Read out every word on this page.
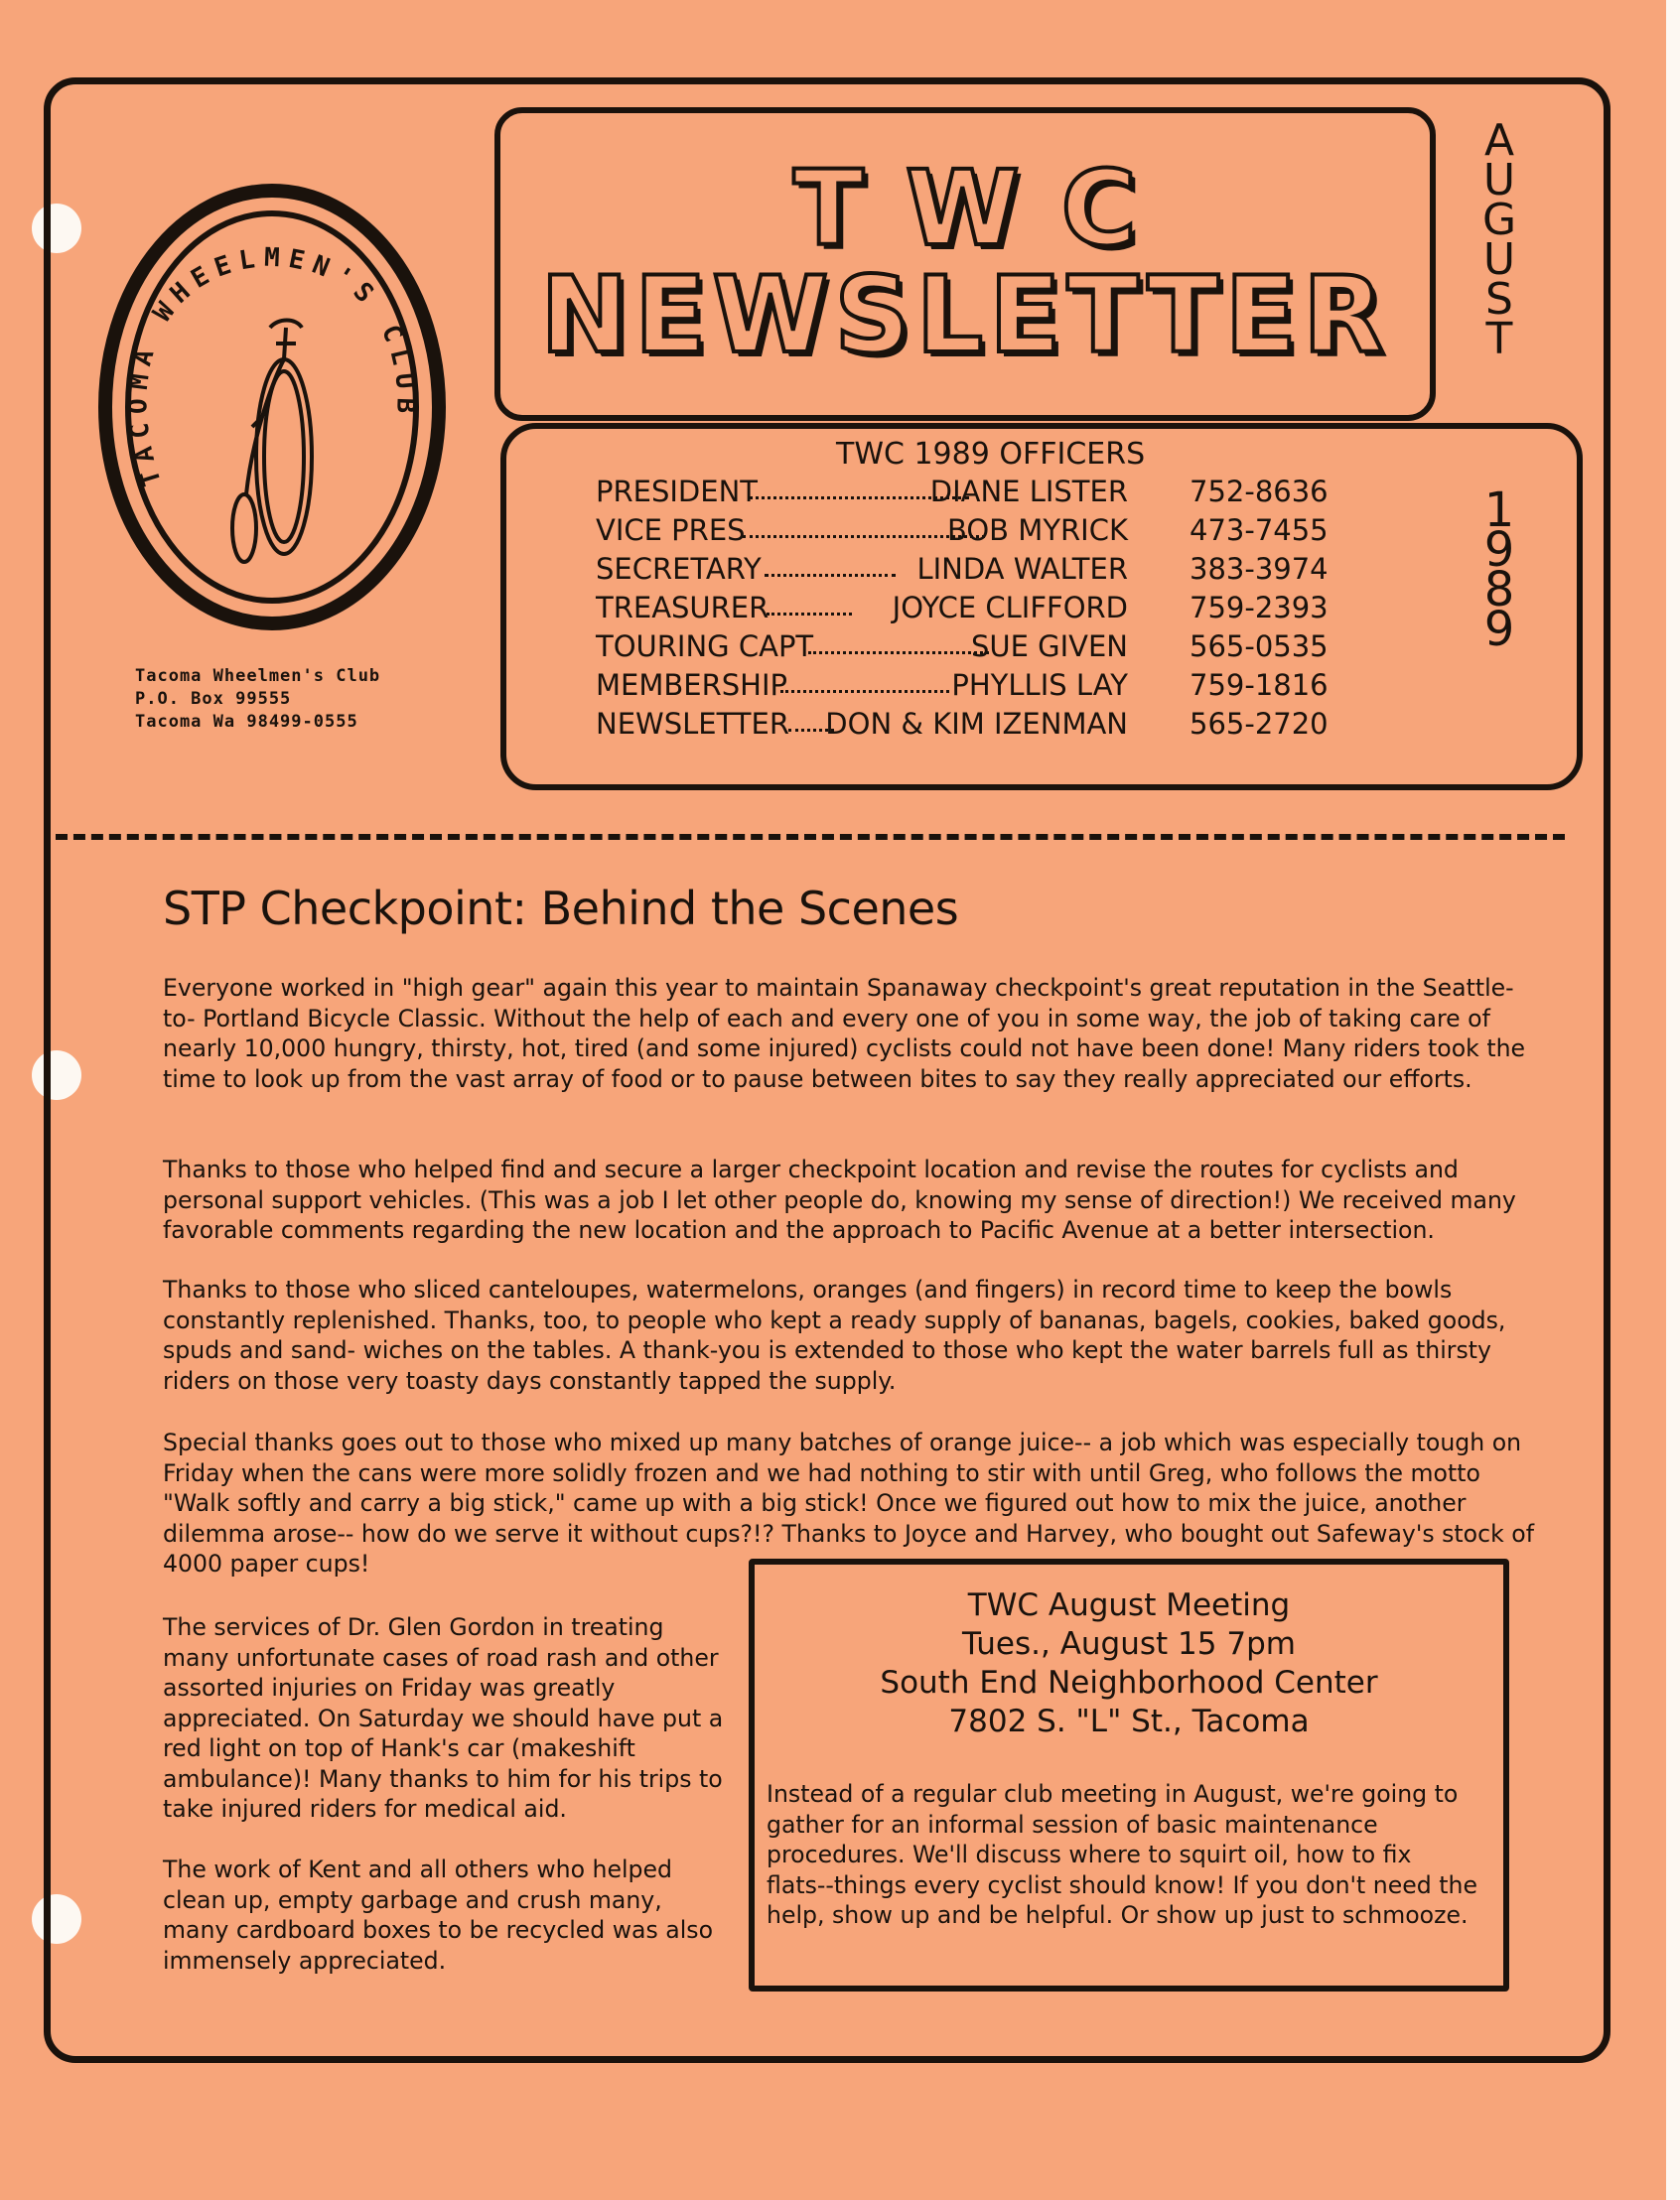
TWC
NEWSLETTER
A
U
G
U
S
T
1
9
8
9
TACOMA WHEELMEN'S CLUB
Tacoma Wheelmen's Club
P.O. Box 99555
Tacoma Wa 98499-0555
TWC 1989 OFFICERS
PRESIDENT	DIANE LISTER 752-8636
VICE PRES	BOB MYRICK 473-7455
SECRETARY	LINDA WALTER 383-3974
TREASURER	JOYCE CLIFFORD 759-2393
TOURING CAPT	SUE GIVEN 565-0535
MEMBERSHIP	PHYLLIS LAY 759-1816
NEWSLETTER DON & KIM IZENMAN 565-2720
STP Checkpoint: Behind the Scenes

Everyone worked in "high gear" again this year to maintain Spanaway checkpoint's great reputation in the Seattle-to- Portland Bicycle Classic. Without the help of each and every one of you in some way, the job of taking care of nearly 10,000 hungry, thirsty, hot, tired (and some injured) cyclists could not have been done! Many riders took the time to look up from the vast array of food or to pause between bites to say they really appreciated our efforts.

Thanks to those who helped find and secure a larger checkpoint location and revise the routes for cyclists and personal support vehicles. (This was a job I let other people do, knowing my sense of direction!) We received many favorable comments regarding the new location and the approach to Pacific Avenue at a better intersection.

Thanks to those who sliced canteloupes, watermelons, oranges (and fingers) in record time to keep the bowls constantly replenished. Thanks, too, to people who kept a ready supply of bananas, bagels, cookies, baked goods, spuds and sand- wiches on the tables. A thank-you is extended to those who kept the water barrels full as thirsty riders on those very toasty days constantly tapped the supply.

Special thanks goes out to those who mixed up many batches of orange juice-- a job which was especially tough on Friday when the cans were more solidly frozen and we had nothing to stir with until Greg, who follows the motto "Walk softly and carry a big stick," came up with a big stick! Once we figured out how to mix the juice, another dilemma arose-- how do we serve it without cups?!? Thanks to Joyce and Harvey, who bought out Safeway's stock of 4000 paper cups!

The services of Dr. Glen Gordon in treating many unfortunate cases of road rash and other assorted injuries on Friday was greatly appreciated. On Saturday we should have put a red light on top of Hank's car (makeshift ambulance)! Many thanks to him for his trips to take injured riders for medical aid.

The work of Kent and all others who helped clean up, empty garbage and crush many, many cardboard boxes to be recycled was also immensely appreciated.

TWC August Meeting
Tues., August 15 7pm
South End Neighborhood Center
7802 S. "L" St., Tacoma

Instead of a regular club meeting in August, we're going to gather for an informal session of basic maintenance procedures. We'll discuss where to squirt oil, how to fix flats--things every cyclist should know! If you don't need the help, show up and be helpful. Or show up just to schmooze.
